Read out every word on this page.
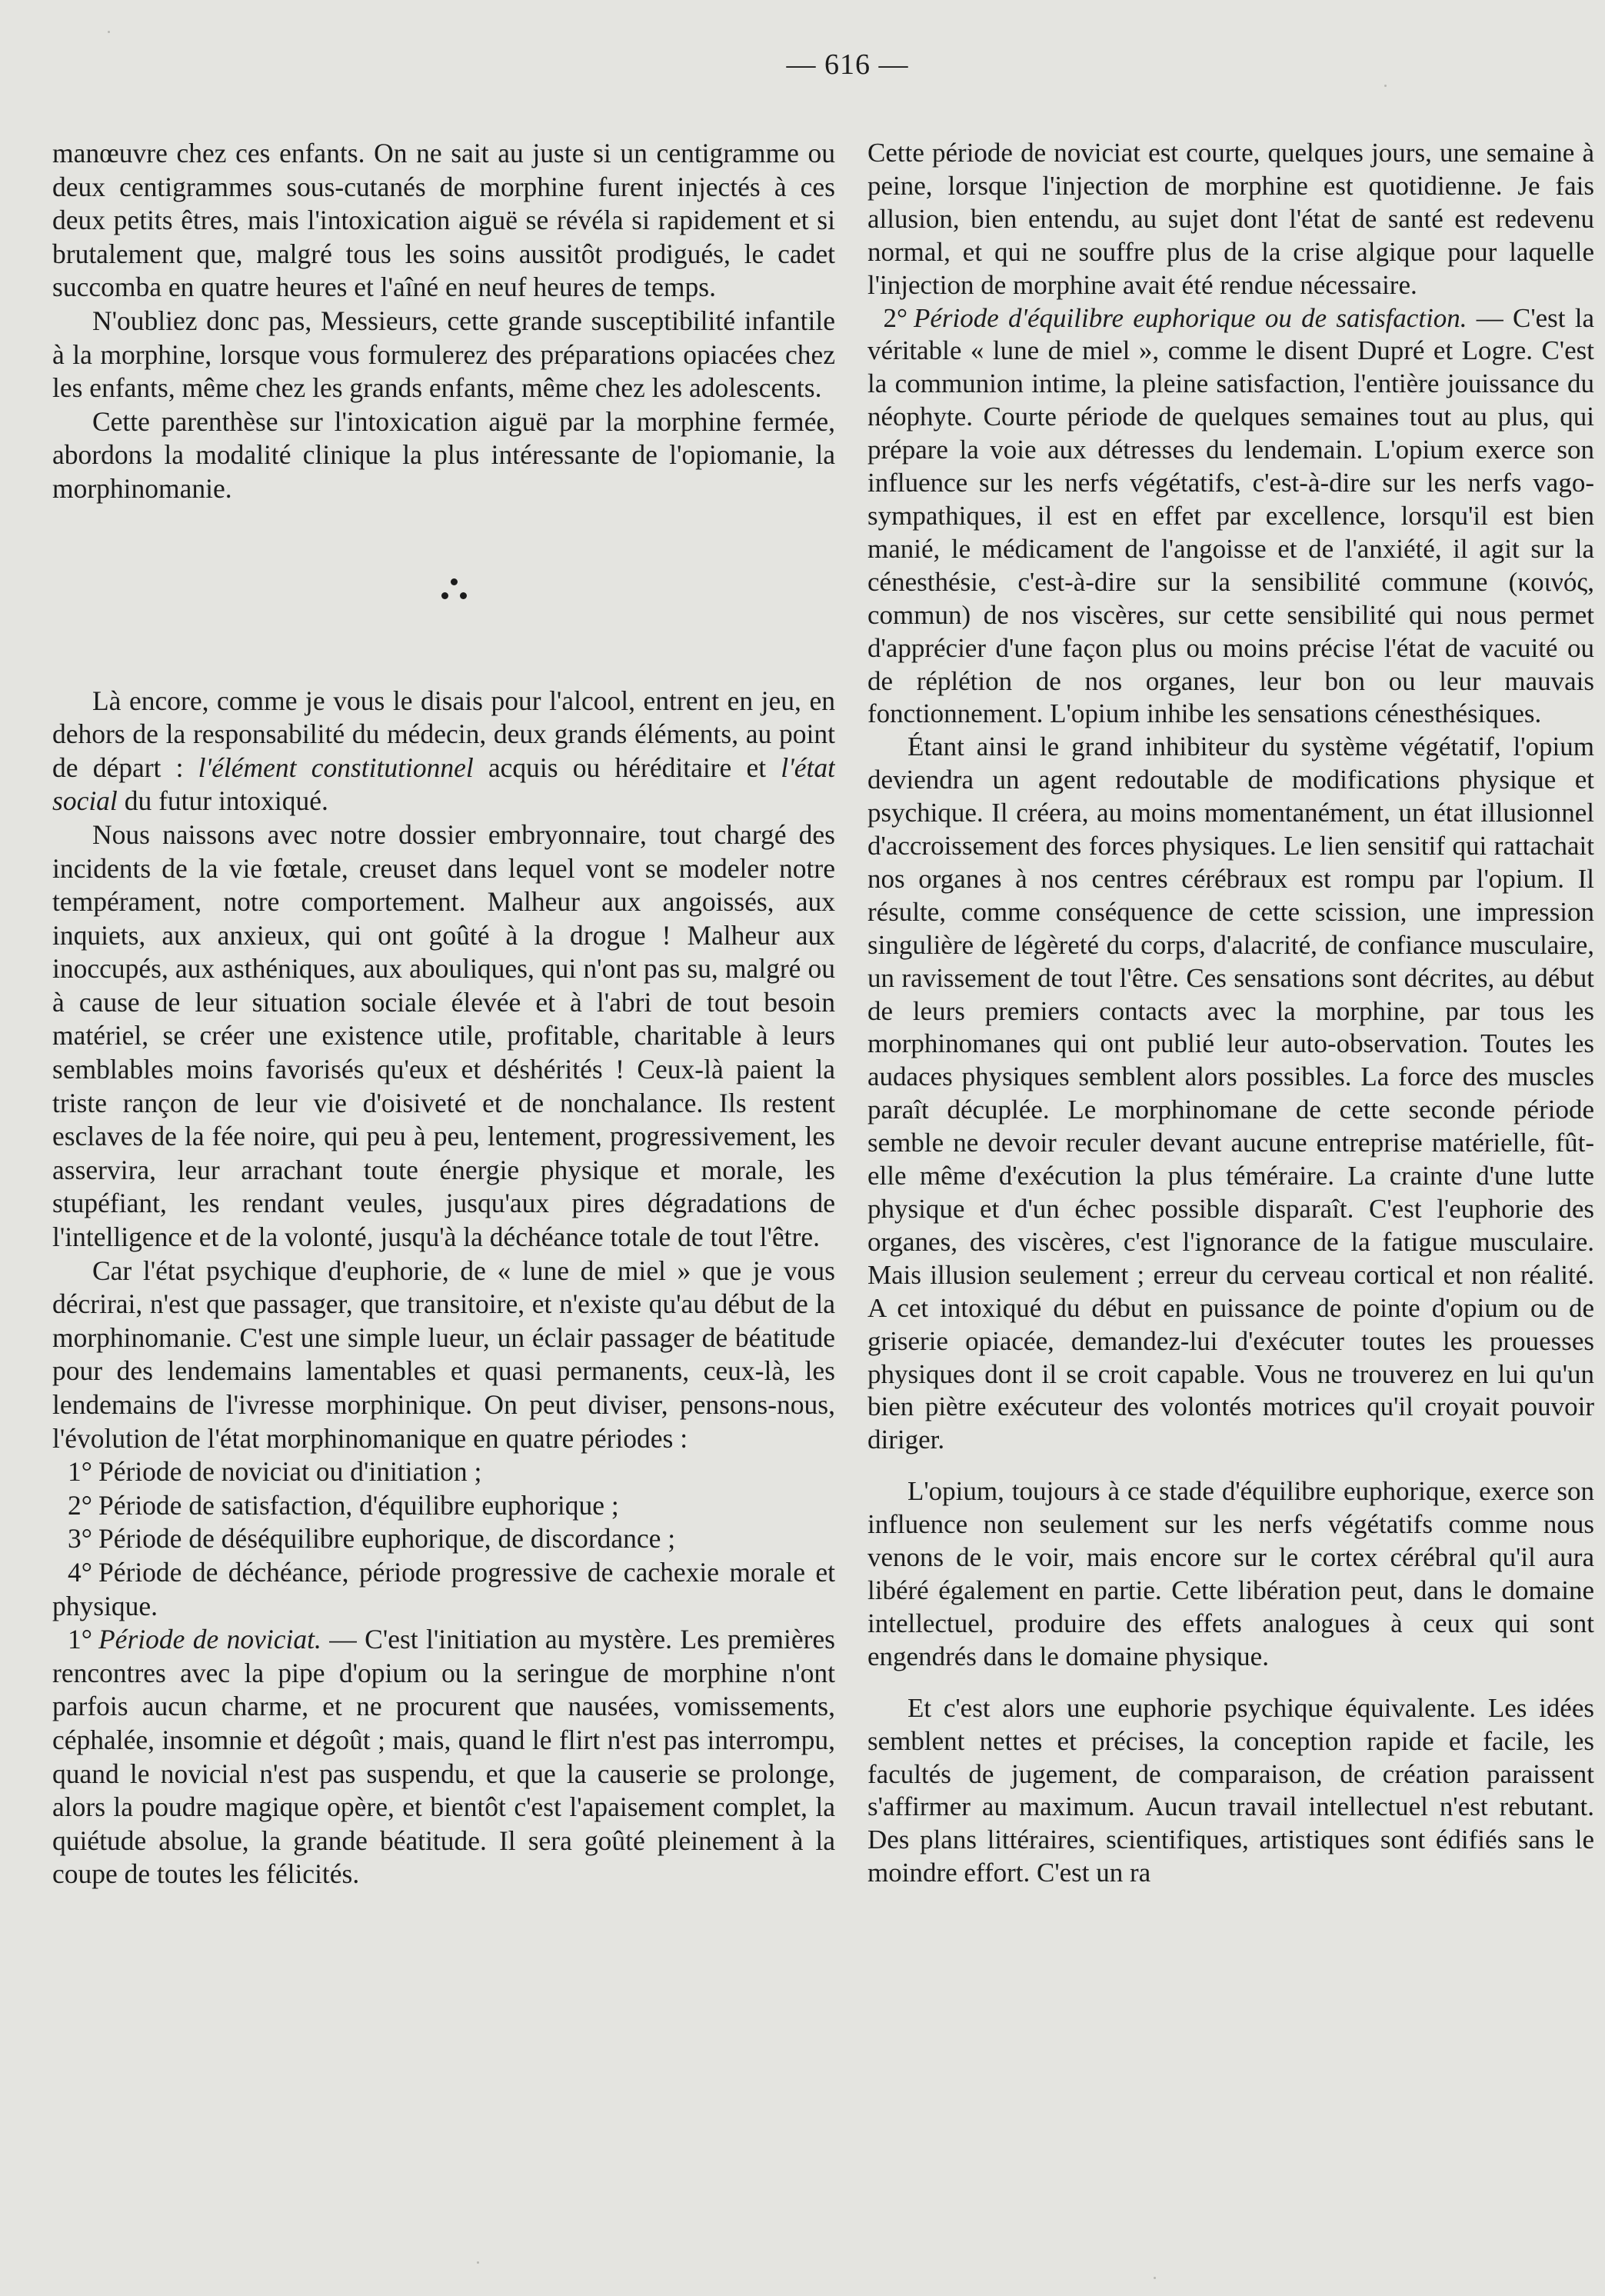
— 616 —

manœuvre chez ces enfants. On ne sait au juste si un centigramme ou deux centigrammes sous-cutanés de morphine furent injectés à ces deux petits êtres, mais l'intoxication aiguë se révéla si rapidement et si brutalement que, malgré tous les soins aussitôt prodigués, le cadet succomba en quatre heures et l'aîné en neuf heures de temps.

N'oubliez donc pas, Messieurs, cette grande susceptibilité infantile à la morphine, lorsque vous formulerez des préparations opiacées chez les enfants, même chez les grands enfants, même chez les adolescents.

Cette parenthèse sur l'intoxication aiguë par la morphine fermée, abordons la modalité clinique la plus intéressante de l'opiomanie, la morphinomanie.

Là encore, comme je vous le disais pour l'alcool, entrent en jeu, en dehors de la responsabilité du médecin, deux grands éléments, au point de départ : l'élément constitutionnel acquis ou héréditaire et l'état social du futur intoxiqué.

Nous naissons avec notre dossier embryonnaire, tout chargé des incidents de la vie fœtale, creuset dans lequel vont se modeler notre tempérament, notre comportement. Malheur aux angoissés, aux inquiets, aux anxieux, qui ont goûté à la drogue ! Malheur aux inoccupés, aux asthéniques, aux abouliques, qui n'ont pas su, malgré ou à cause de leur situation sociale élevée et à l'abri de tout besoin matériel, se créer une existence utile, profitable, charitable à leurs semblables moins favorisés qu'eux et déshérités ! Ceux-là paient la triste rançon de leur vie d'oisiveté et de nonchalance. Ils restent esclaves de la fée noire, qui peu à peu, lentement, progressivement, les asservira, leur arrachant toute énergie physique et morale, les stupéfiant, les rendant veules, jusqu'aux pires dégradations de l'intelligence et de la volonté, jusqu'à la déchéance totale de tout l'être.

Car l'état psychique d'euphorie, de « lune de miel » que je vous décrirai, n'est que passager, que transitoire, et n'existe qu'au début de la morphinomanie. C'est une simple lueur, un éclair passager de béatitude pour des lendemains lamentables et quasi permanents, ceux-là, les lendemains de l'ivresse morphinique. On peut diviser, pensons-nous, l'évolution de l'état morphinomanique en quatre périodes :

1° Période de noviciat ou d'initiation ;

2° Période de satisfaction, d'équilibre euphorique ;

3° Période de déséquilibre euphorique, de discordance ;

4° Période de déchéance, période progressive de cachexie morale et physique.

1° Période de noviciat. — C'est l'initiation au mystère. Les premières rencontres avec la pipe d'opium ou la seringue de morphine n'ont parfois aucun charme, et ne procurent que nausées, vomissements, céphalée, insomnie et dégoût ; mais, quand le flirt n'est pas interrompu, quand le novicial n'est pas suspendu, et que la causerie se prolonge, alors la poudre magique opère, et bientôt c'est l'apaisement complet, la quiétude absolue, la grande béatitude. Il sera goûté pleinement à la coupe de toutes les félicités.

Cette période de noviciat est courte, quelques jours, une semaine à peine, lorsque l'injection de morphine est quotidienne. Je fais allusion, bien entendu, au sujet dont l'état de santé est redevenu normal, et qui ne souffre plus de la crise algique pour laquelle l'injection de morphine avait été rendue nécessaire.

2° Période d'équilibre euphorique ou de satisfaction. — C'est la véritable « lune de miel », comme le disent Dupré et Logre. C'est la communion intime, la pleine satisfaction, l'entière jouissance du néophyte. Courte période de quelques semaines tout au plus, qui prépare la voie aux détresses du lendemain. L'opium exerce son influence sur les nerfs végétatifs, c'est-à-dire sur les nerfs vago-sympathiques, il est en effet par excellence, lorsqu'il est bien manié, le médicament de l'angoisse et de l'anxiété, il agit sur la cénesthésie, c'est-à-dire sur la sensibilité commune (κοινός, commun) de nos viscères, sur cette sensibilité qui nous permet d'apprécier d'une façon plus ou moins précise l'état de vacuité ou de réplétion de nos organes, leur bon ou leur mauvais fonctionnement. L'opium inhibe les sensations cénesthésiques.

Étant ainsi le grand inhibiteur du système végétatif, l'opium deviendra un agent redoutable de modifications physique et psychique. Il créera, au moins momentanément, un état illusionnel d'accroissement des forces physiques. Le lien sensitif qui rattachait nos organes à nos centres cérébraux est rompu par l'opium. Il résulte, comme conséquence de cette scission, une impression singulière de légèreté du corps, d'alacrité, de confiance musculaire, un ravissement de tout l'être. Ces sensations sont décrites, au début de leurs premiers contacts avec la morphine, par tous les morphinomanes qui ont publié leur auto-observation. Toutes les audaces physiques semblent alors possibles. La force des muscles paraît décuplée. Le morphinomane de cette seconde période semble ne devoir reculer devant aucune entreprise matérielle, fût-elle même d'exécution la plus téméraire. La crainte d'une lutte physique et d'un échec possible disparaît. C'est l'euphorie des organes, des viscères, c'est l'ignorance de la fatigue musculaire. Mais illusion seulement ; erreur du cerveau cortical et non réalité. A cet intoxiqué du début en puissance de pointe d'opium ou de griserie opiacée, demandez-lui d'exécuter toutes les prouesses physiques dont il se croit capable. Vous ne trouverez en lui qu'un bien piètre exécuteur des volontés motrices qu'il croyait pouvoir diriger.

L'opium, toujours à ce stade d'équilibre euphorique, exerce son influence non seulement sur les nerfs végétatifs comme nous venons de le voir, mais encore sur le cortex cérébral qu'il aura libéré également en partie. Cette libération peut, dans le domaine intellectuel, produire des effets analogues à ceux qui sont engendrés dans le domaine physique.

Et c'est alors une euphorie psychique équivalente. Les idées semblent nettes et précises, la conception rapide et facile, les facultés de jugement, de comparaison, de création paraissent s'affirmer au maximum. Aucun travail intellectuel n'est rebutant. Des plans littéraires, scientifiques, artistiques sont édifiés sans le moindre effort. C'est un ra
